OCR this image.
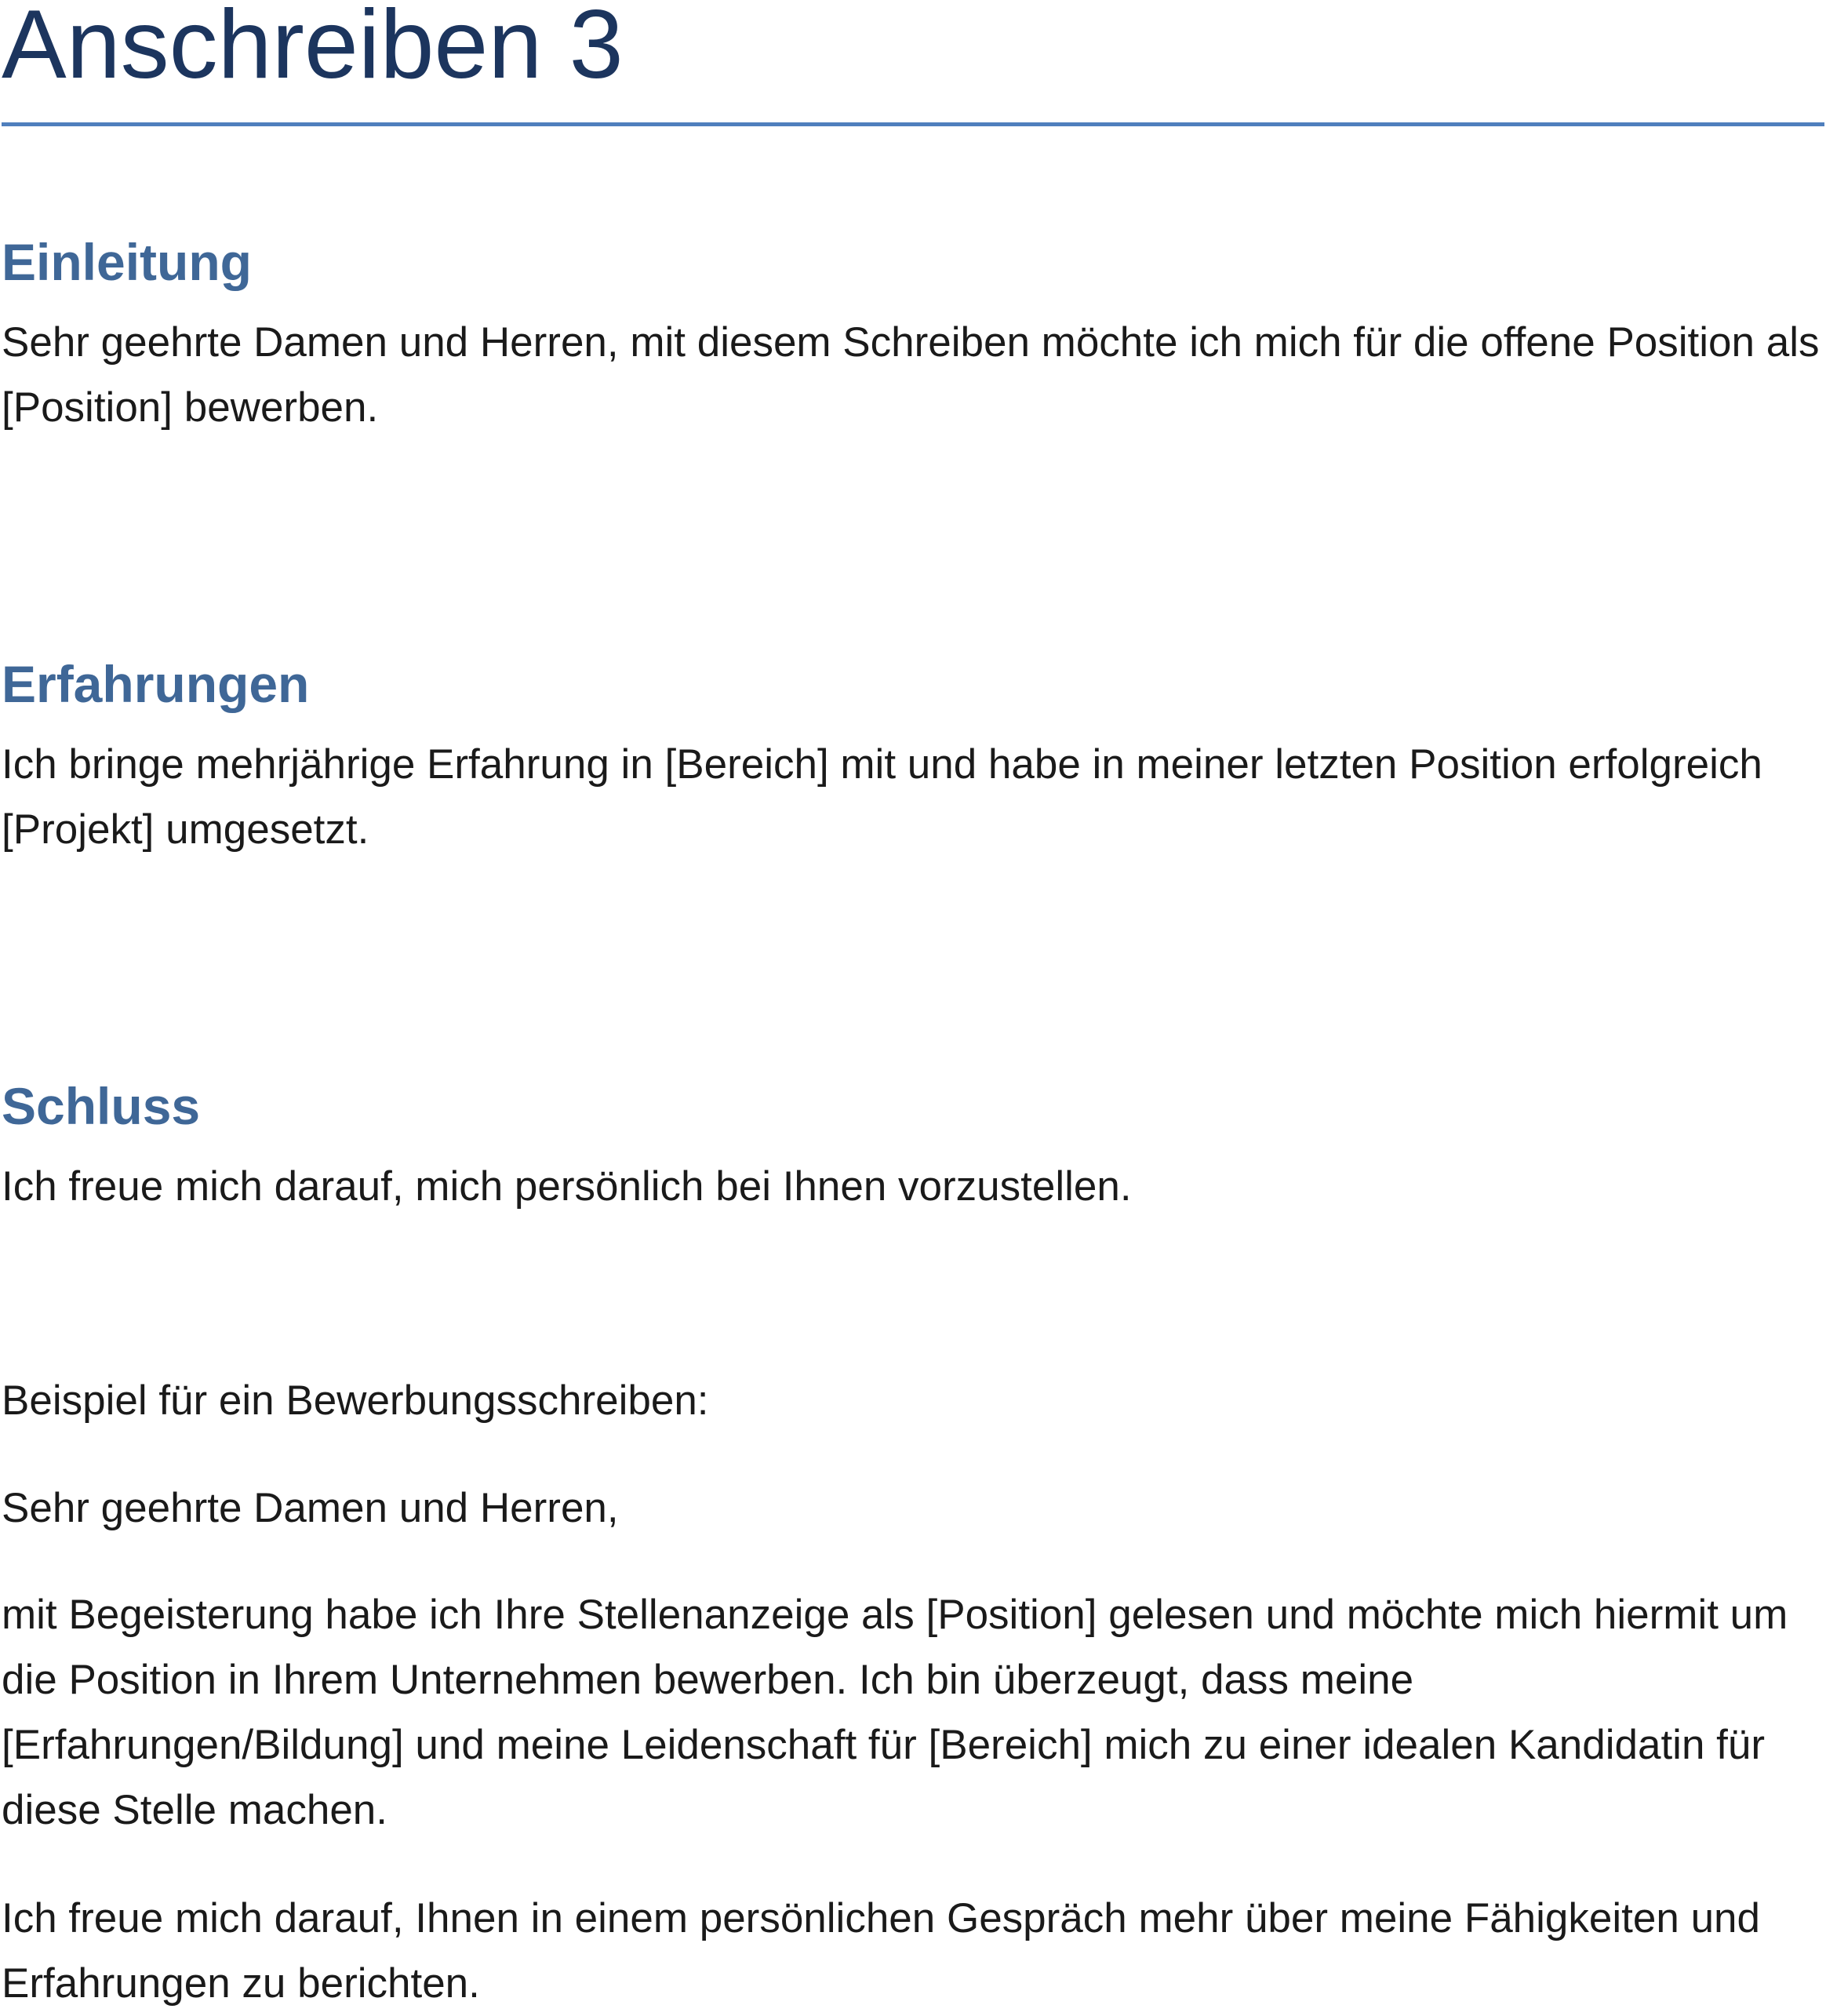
Anschreiben 3
Einleitung

Sehr geehrte Damen und Herren, mit diesem Schreiben möchte ich mich für die offene Position als [Position] bewerben.

Erfahrungen

Ich bringe mehrjährige Erfahrung in [Bereich] mit und habe in meiner letzten Position erfolgreich [Projekt] umgesetzt.

Schluss

Ich freue mich darauf, mich persönlich bei Ihnen vorzustellen.

Beispiel für ein Bewerbungsschreiben:

Sehr geehrte Damen und Herren,

mit Begeisterung habe ich Ihre Stellenanzeige als [Position] gelesen und möchte mich hiermit um die Position in Ihrem Unternehmen bewerben. Ich bin überzeugt, dass meine [Erfahrungen/Bildung] und meine Leidenschaft für [Bereich] mich zu einer idealen Kandidatin für diese Stelle machen.

Ich freue mich darauf, Ihnen in einem persönlichen Gespräch mehr über meine Fähigkeiten und Erfahrungen zu berichten.
